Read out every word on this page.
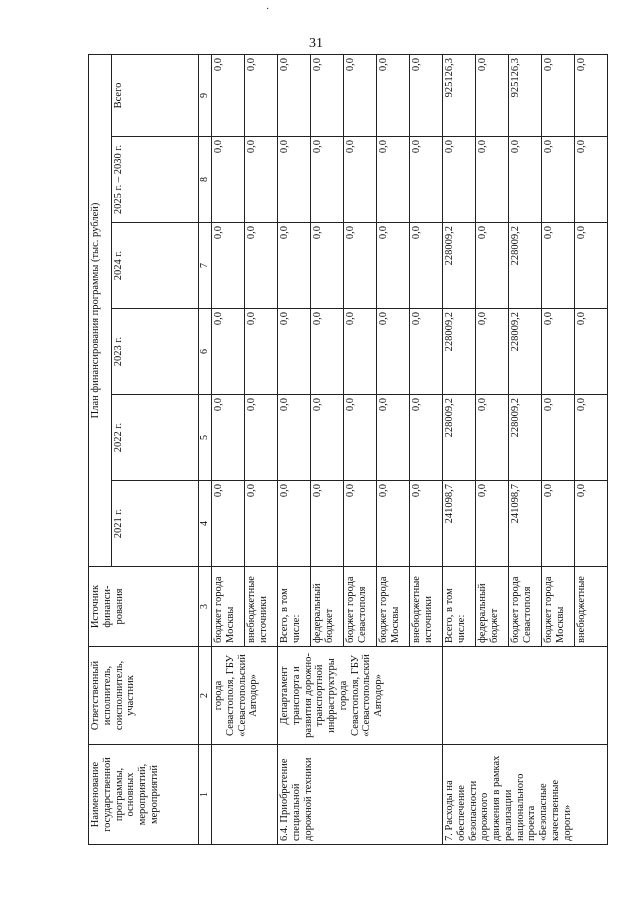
·
31
Наименование государственной программы, основных мероприятий, мероприятий	Ответственный исполнитель, соисполнитель, участник	Источник финанси-рования	План финансирования программы (тыс. рублей)					
			2021 г.	2022 г.	2023 г.	2024 г.	2025 г. – 2030 г.	Всего
1	2	3	4	5	6	7	8	9
	города Севастополя, ГБУ «Севастопольский Автодор»	бюджет города Москвы	0,0	0,0	0,0	0,0	0,0	0,0
		внебюджетные источники	0,0	0,0	0,0	0,0	0,0	0,0
6.4. Приобретение специальной дорожной техники	Департамент транспорта и развития дорожно-транспортной инфраструктуры города Севастополя, ГБУ «Севастопольский Автодор»	Всего, в том числе:	0,0	0,0	0,0	0,0	0,0	0,0
		федеральный бюджет	0,0	0,0	0,0	0,0	0,0	0,0
		бюджет города Севастополя	0,0	0,0	0,0	0,0	0,0	0,0
		бюджет города Москвы	0,0	0,0	0,0	0,0	0,0	0,0
		внебюджетные источники	0,0	0,0	0,0	0,0	0,0	0,0
7. Расходы на обеспечение безопасности дорожного движения в рамках реализации национального проекта «Безопасные качественные дороги»		Всего, в том числе:	241098,7	228009,2	228009,2	228009,2	0,0	925126,3
		федеральный бюджет	0,0	0,0	0,0	0,0	0,0	0,0
		бюджет города Севастополя	241098,7	228009,2	228009,2	228009,2	0,0	925126,3
		бюджет города Москвы	0,0	0,0	0,0	0,0	0,0	0,0
		внебюджетные	0,0	0,0	0,0	0,0	0,0	0,0
